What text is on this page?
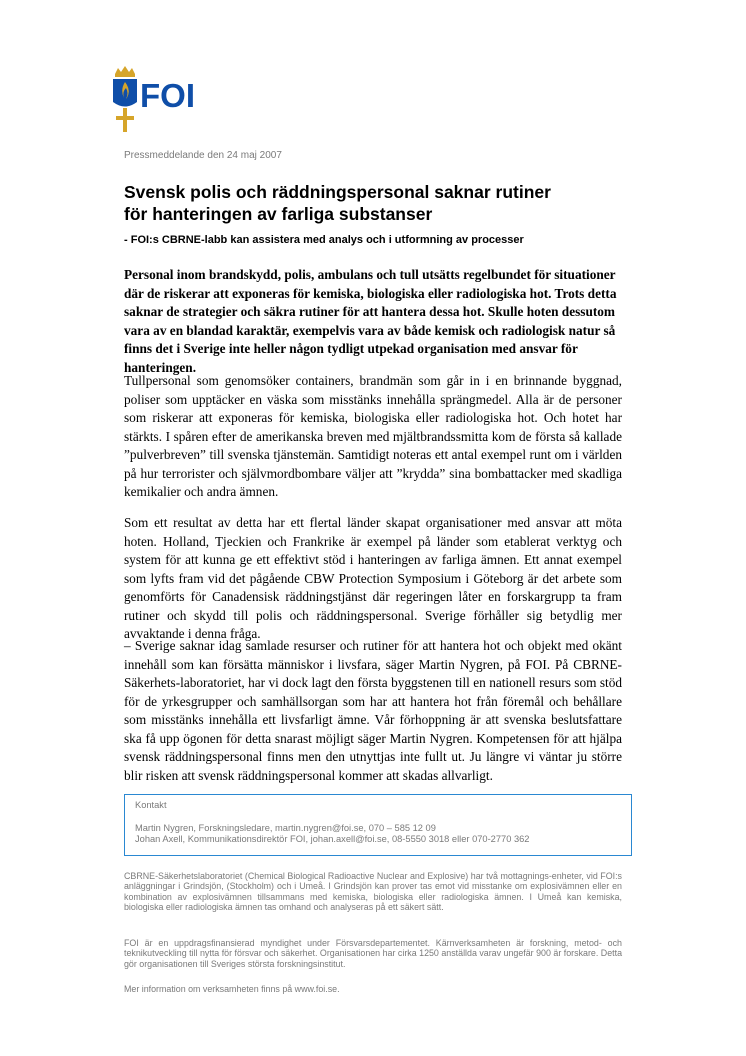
FOI
Pressmeddelande den 24 maj 2007
Svensk polis och räddningspersonal saknar rutiner
för hanteringen av farliga substanser
- FOI:s CBRNE-labb kan assistera med analys och i utformning av processer

Personal inom brandskydd, polis, ambulans och tull utsätts regelbundet för situationer där de riskerar att exponeras för kemiska, biologiska eller radiologiska hot. Trots detta saknar de strategier och säkra rutiner för att hantera dessa hot. Skulle hoten dessutom vara av en blandad karaktär, exempelvis vara av både kemisk och radiologisk natur så finns det i Sverige inte heller någon tydligt utpekad organisation med ansvar för hanteringen.

Tullpersonal som genomsöker containers, brandmän som går in i en brinnande byggnad, poliser som upptäcker en väska som misstänks innehålla sprängmedel. Alla är de personer som riskerar att exponeras för kemiska, biologiska eller radiologiska hot. Och hotet har stärkts. I spåren efter de amerikanska breven med mjältbrandssmitta kom de första så kallade ”pulverbreven” till svenska tjänstemän. Samtidigt noteras ett antal exempel runt om i världen på hur terrorister och självmordbombare väljer att ”krydda” sina bombattacker med skadliga kemikalier och andra ämnen.

Som ett resultat av detta har ett flertal länder skapat organisationer med ansvar att möta hoten. Holland, Tjeckien och Frankrike är exempel på länder som etablerat verktyg och system för att kunna ge ett effektivt stöd i hanteringen av farliga ämnen. Ett annat exempel som lyfts fram vid det pågående CBW Protection Symposium i Göteborg är det arbete som genomförts för Canadensisk räddningstjänst där regeringen låter en forskargrupp ta fram rutiner och skydd till polis och räddningspersonal. Sverige förhåller sig betydlig mer avvaktande i denna fråga.

– Sverige saknar idag samlade resurser och rutiner för att hantera hot och objekt med okänt innehåll som kan försätta människor i livsfara, säger Martin Nygren, på FOI. På CBRNE-Säkerhets-laboratoriet, har vi dock lagt den första byggstenen till en nationell resurs som stöd för de yrkesgrupper och samhällsorgan som har att hantera hot från föremål och behållare som misstänks innehålla ett livsfarligt ämne. Vår förhoppning är att svenska beslutsfattare ska få upp ögonen för detta snarast möjligt säger Martin Nygren. Kompetensen för att hjälpa svensk räddningspersonal finns men den utnyttjas inte fullt ut. Ju längre vi väntar ju större blir risken att svensk räddningspersonal kommer att skadas allvarligt.

Kontakt
Martin Nygren, Forskningsledare, martin.nygren@foi.se, 070 – 585 12 09
Johan Axell, Kommunikationsdirektör FOI, johan.axell@foi.se, 08-5550 3018 eller 070-2770 362

CBRNE-Säkerhetslaboratoriet (Chemical Biological Radioactive Nuclear and Explosive) har två mottagnings-enheter, vid FOI:s anläggningar i Grindsjön, (Stockholm) och i Umeå. I Grindsjön kan prover tas emot vid misstanke om explosivämnen eller en kombination av explosivämnen tillsammans med kemiska, biologiska eller radiologiska ämnen. I Umeå kan kemiska, biologiska eller radiologiska ämnen tas omhand och analyseras på ett säkert sätt.

FOI är en uppdragsfinansierad myndighet under Försvarsdepartementet. Kärnverksamheten är forskning, metod- och teknikutveckling till nytta för försvar och säkerhet. Organisationen har cirka 1250 anställda varav ungefär 900 är forskare. Detta gör organisationen till Sveriges största forskningsinstitut.

Mer information om verksamheten finns på www.foi.se.
